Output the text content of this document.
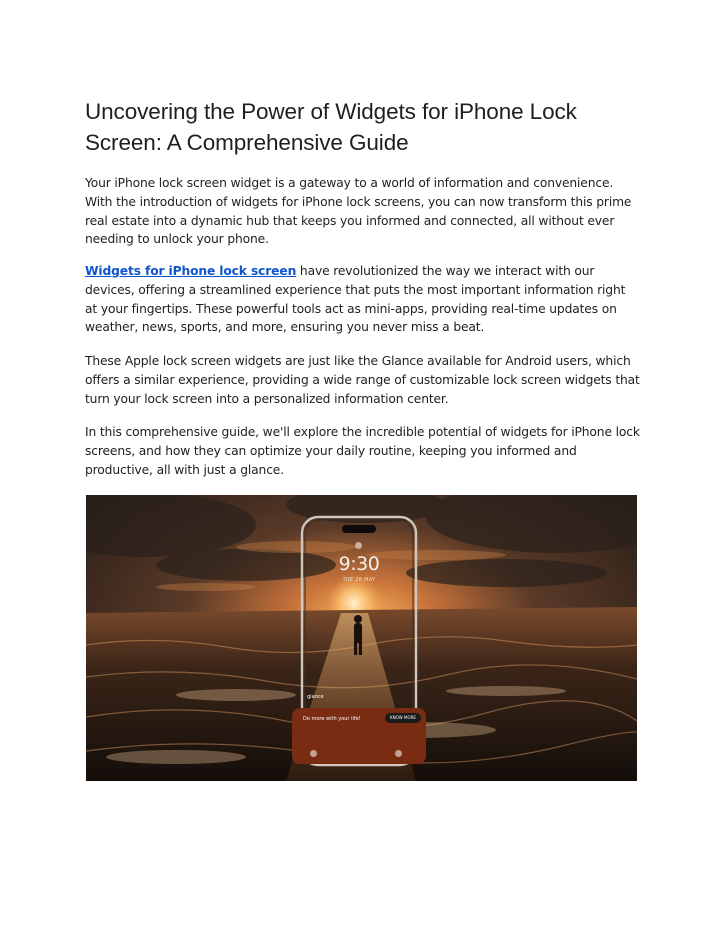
Uncovering the Power of Widgets for iPhone Lock Screen: A Comprehensive Guide

Your iPhone lock screen widget is a gateway to a world of information and convenience. With the introduction of widgets for iPhone lock screens, you can now transform this prime real estate into a dynamic hub that keeps you informed and connected, all without ever needing to unlock your phone.

Widgets for iPhone lock screen have revolutionized the way we interact with our devices, offering a streamlined experience that puts the most important information right at your fingertips. These powerful tools act as mini-apps, providing real-time updates on weather, news, sports, and more, ensuring you never miss a beat.

These Apple lock screen widgets are just like the Glance available for Android users, which offers a similar experience, providing a wide range of customizable lock screen widgets that turn your lock screen into a personalized information center.

In this comprehensive guide, we'll explore the incredible potential of widgets for iPhone lock screens, and how they can optimize your daily routine, keeping you informed and productive, all with just a glance.

9:30
TUE 28 MAY
glance
Do more with your life!	KNOW MORE
